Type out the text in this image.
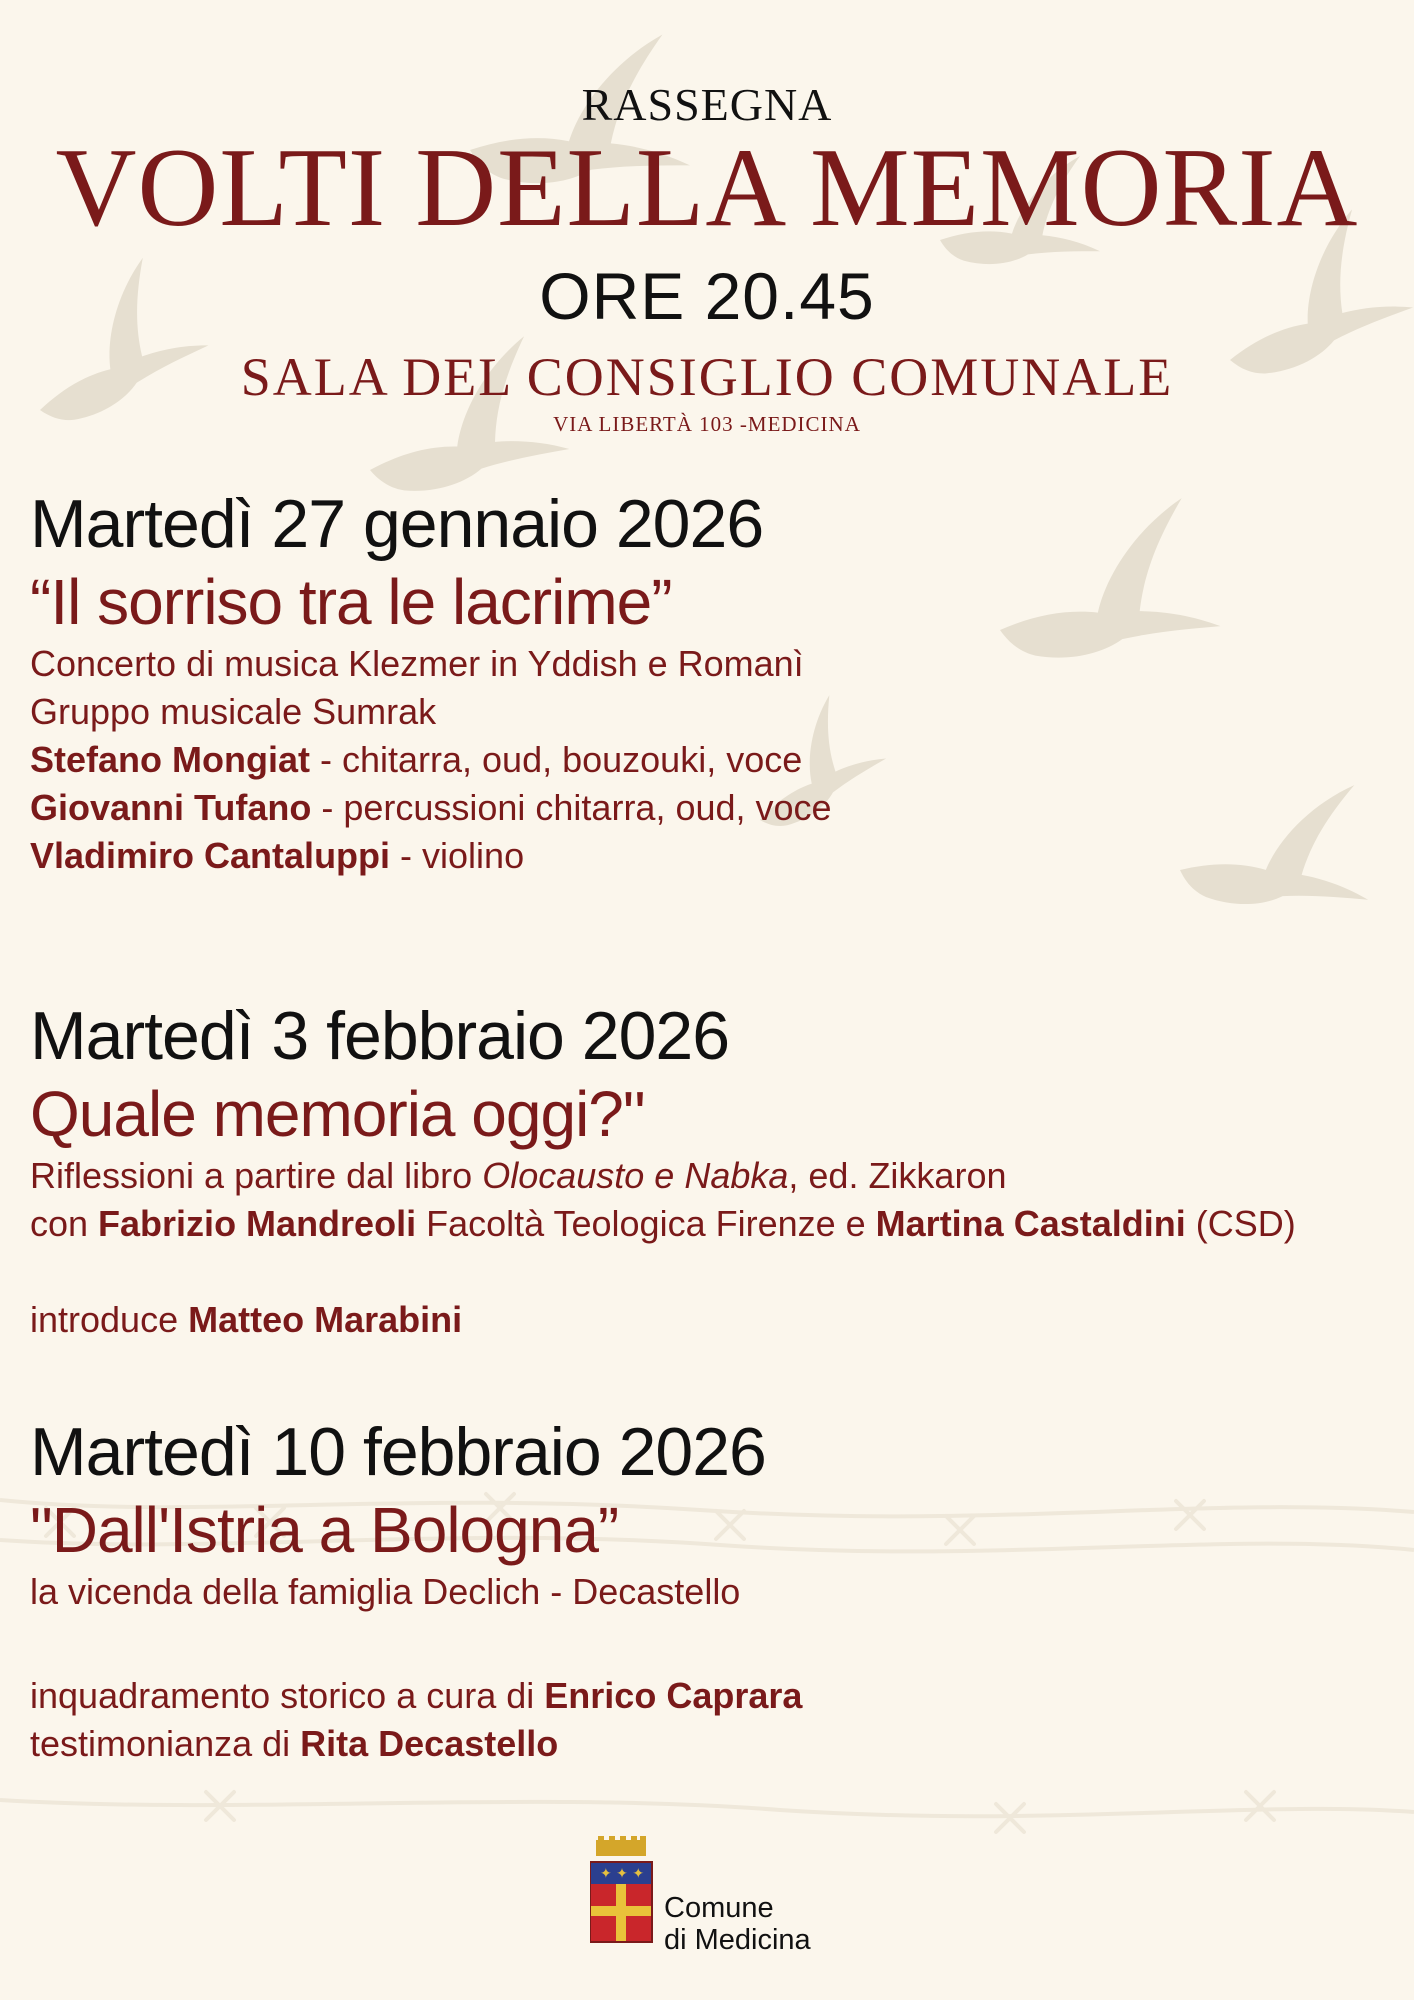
RASSEGNA
VOLTI DELLA MEMORIA
ORE 20.45
SALA DEL CONSIGLIO COMUNALE
VIA LIBERTÀ 103 -MEDICINA
Martedì 27 gennaio 2026
“Il sorriso tra le lacrime”
Concerto di musica Klezmer in Yddish e Romanì
Gruppo musicale Sumrak
Stefano Mongiat - chitarra, oud, bouzouki, voce
Giovanni Tufano - percussioni chitarra, oud, voce
Vladimiro Cantaluppi - violino
Martedì 3 febbraio 2026
Quale memoria oggi?"
Riflessioni a partire dal libro Olocausto e Nabka, ed. Zikkaron
con Fabrizio Mandreoli Facoltà Teologica Firenze e Martina Castaldini (CSD)
introduce Matteo Marabini
Martedì 10 febbraio 2026
"Dall'Istria a Bologna”
la vicenda della famiglia Declich - Decastello
inquadramento storico a cura di Enrico Caprara
testimonianza di Rita Decastello
✦ ✦ ✦
Comune
di Medicina
